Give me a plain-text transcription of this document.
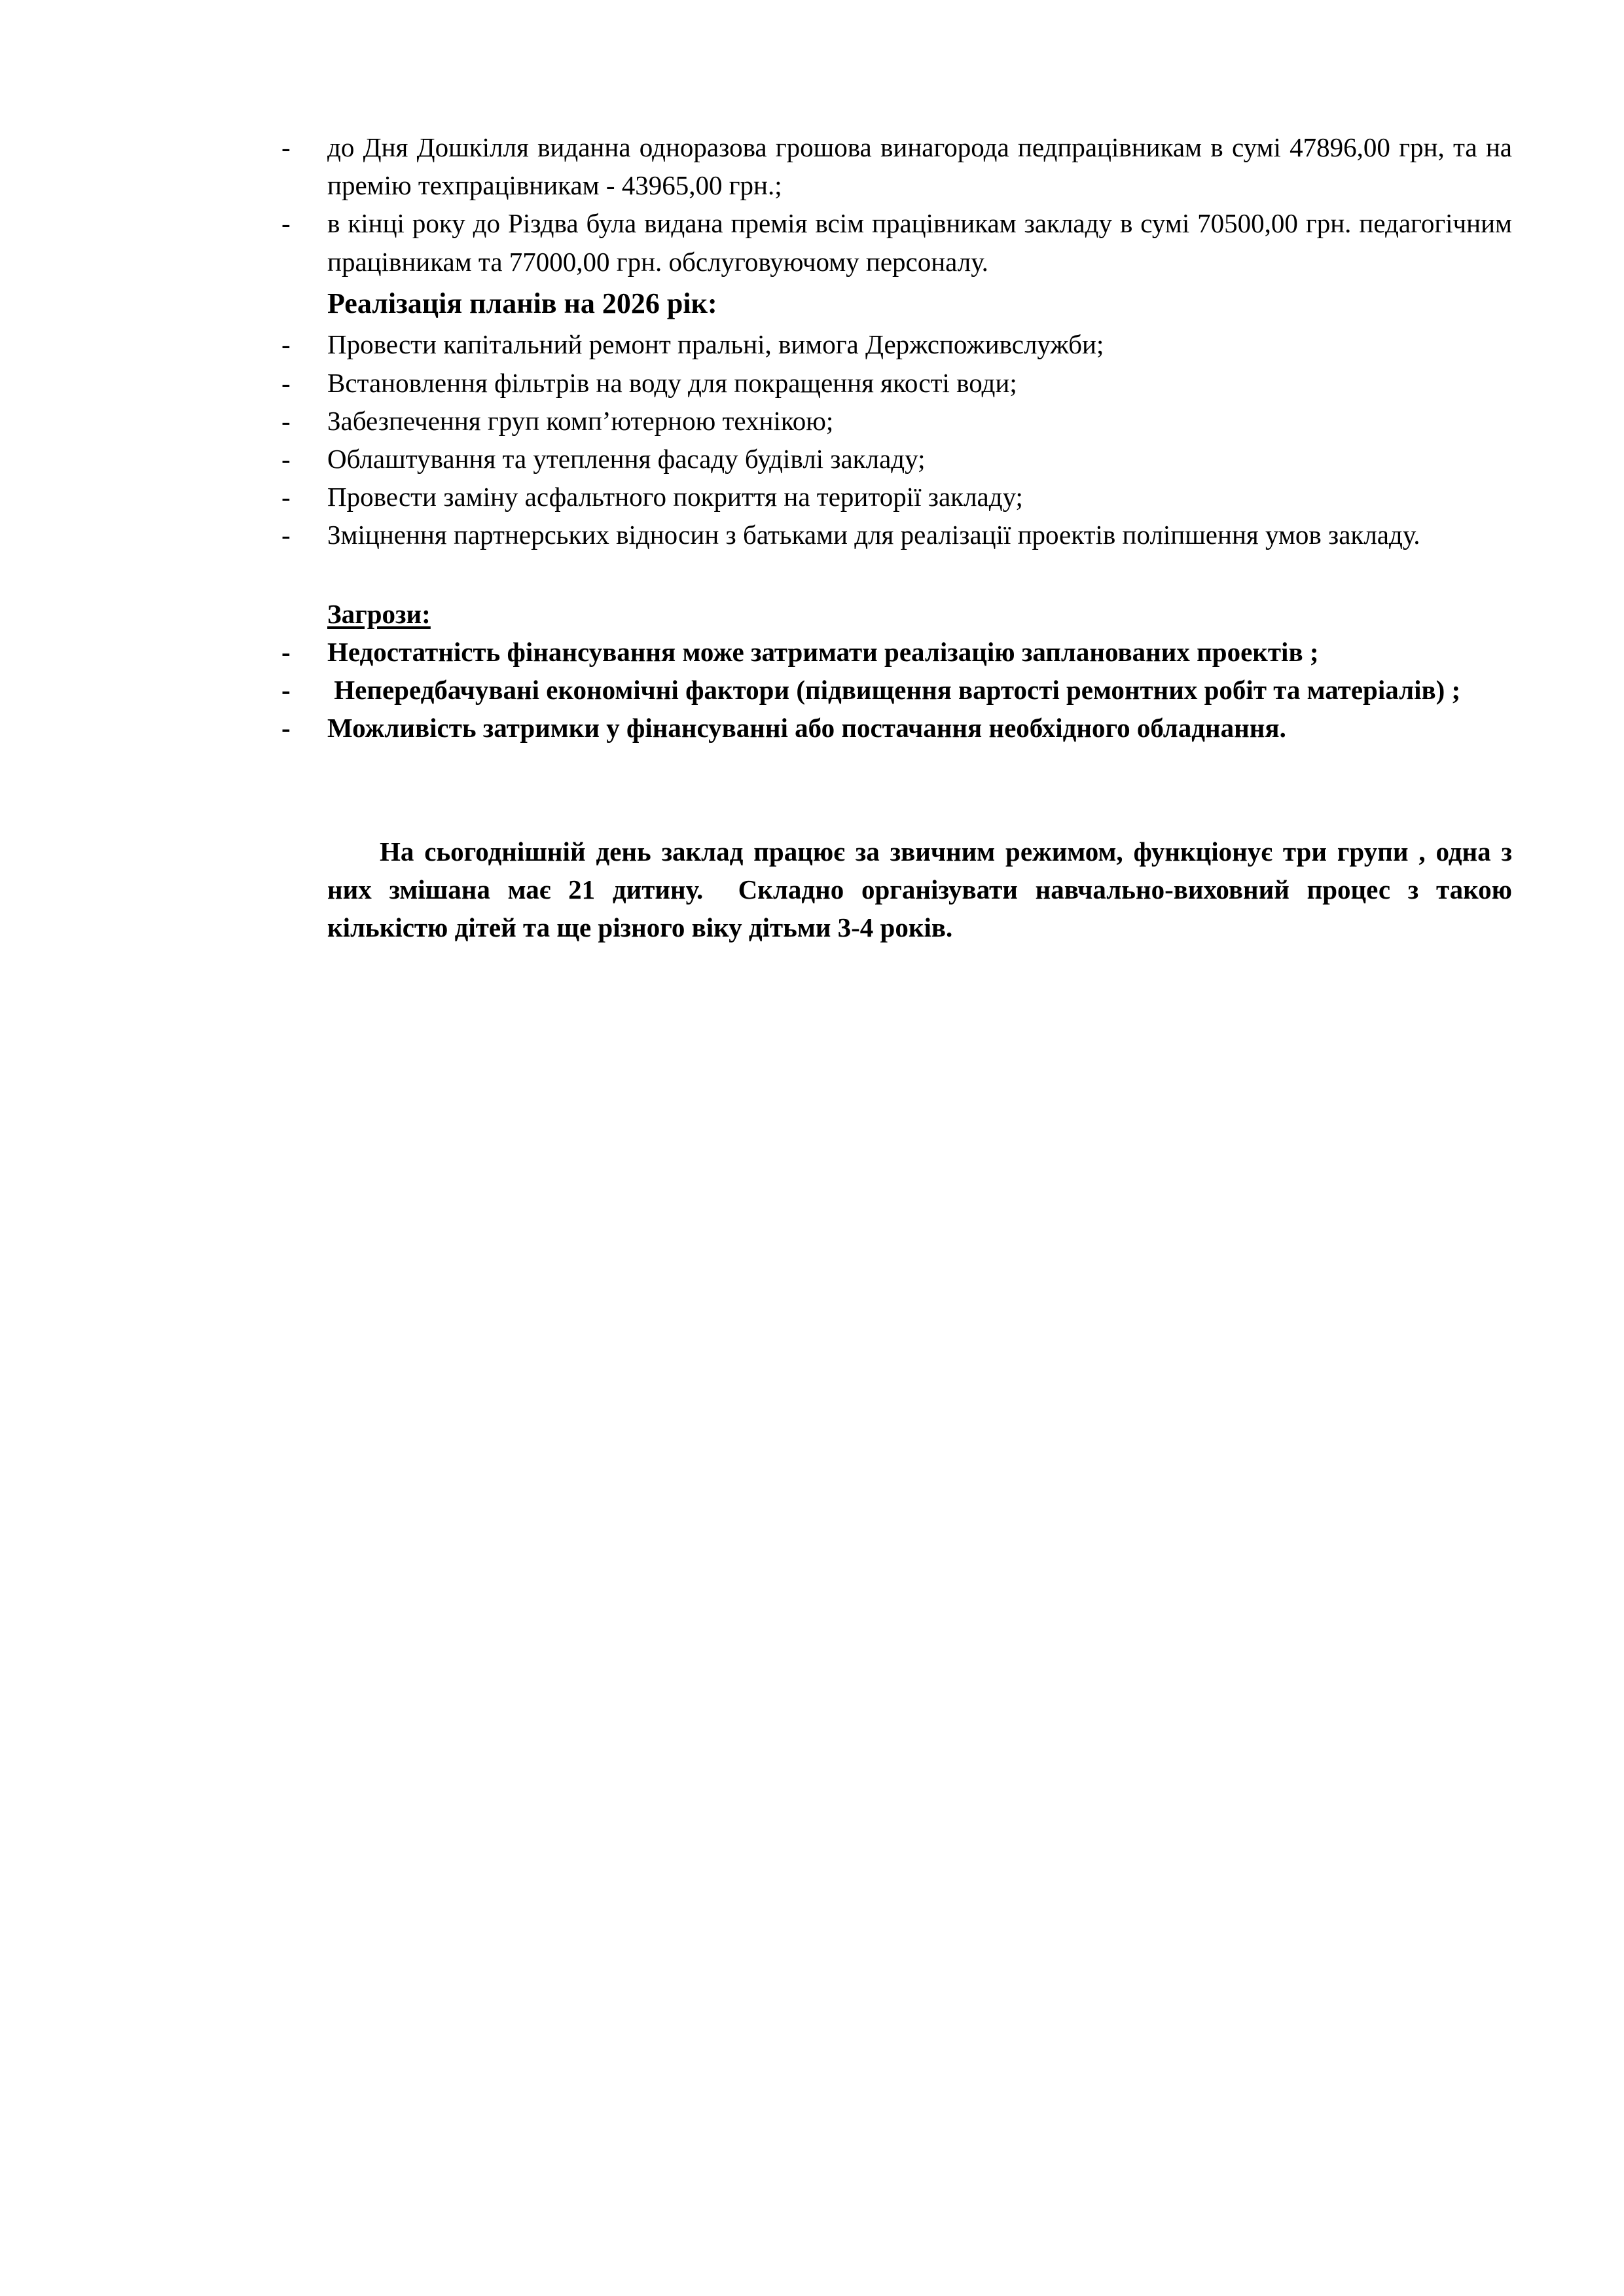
-	до Дня Дошкілля виданна одноразова грошова винагорода педпрацівникам в сумі 47896,00 грн, та на премію техпрацівникам - 43965,00 грн.;
-	в кінці року до Різдва була видана премія всім працівникам закладу в сумі 70500,00 грн. педагогічним працівникам та 77000,00 грн. обслуговуючому персоналу.
Реалізація планів на 2026 рік:
-	Провести капітальний ремонт пральні, вимога Держспоживслужби;
-	Встановлення фільтрів на воду для покращення якості води;
-	Забезпечення груп комп’ютерною технікою;
-	Облаштування та утеплення фасаду будівлі закладу;
-	Провести заміну асфальтного покриття на території закладу;
-	Зміцнення партнерських відносин з батьками для реалізації проектів поліпшення умов закладу.
Загрози:
-	Недостатність фінансування може затримати реалізацію запланованих проектів ;
-	Непередбачувані економічні фактори (підвищення вартості ремонтних робіт та матеріалів) ;
-	Можливість затримки у фінансуванні або постачання необхідного обладнання.
На сьогоднішній день заклад працює за звичним режимом, функціонує три групи , одна з них змішана має 21 дитину.  Складно організувати навчально-виховний процес з такою кількістю дітей та ще різного віку дітьми 3-4 років.
